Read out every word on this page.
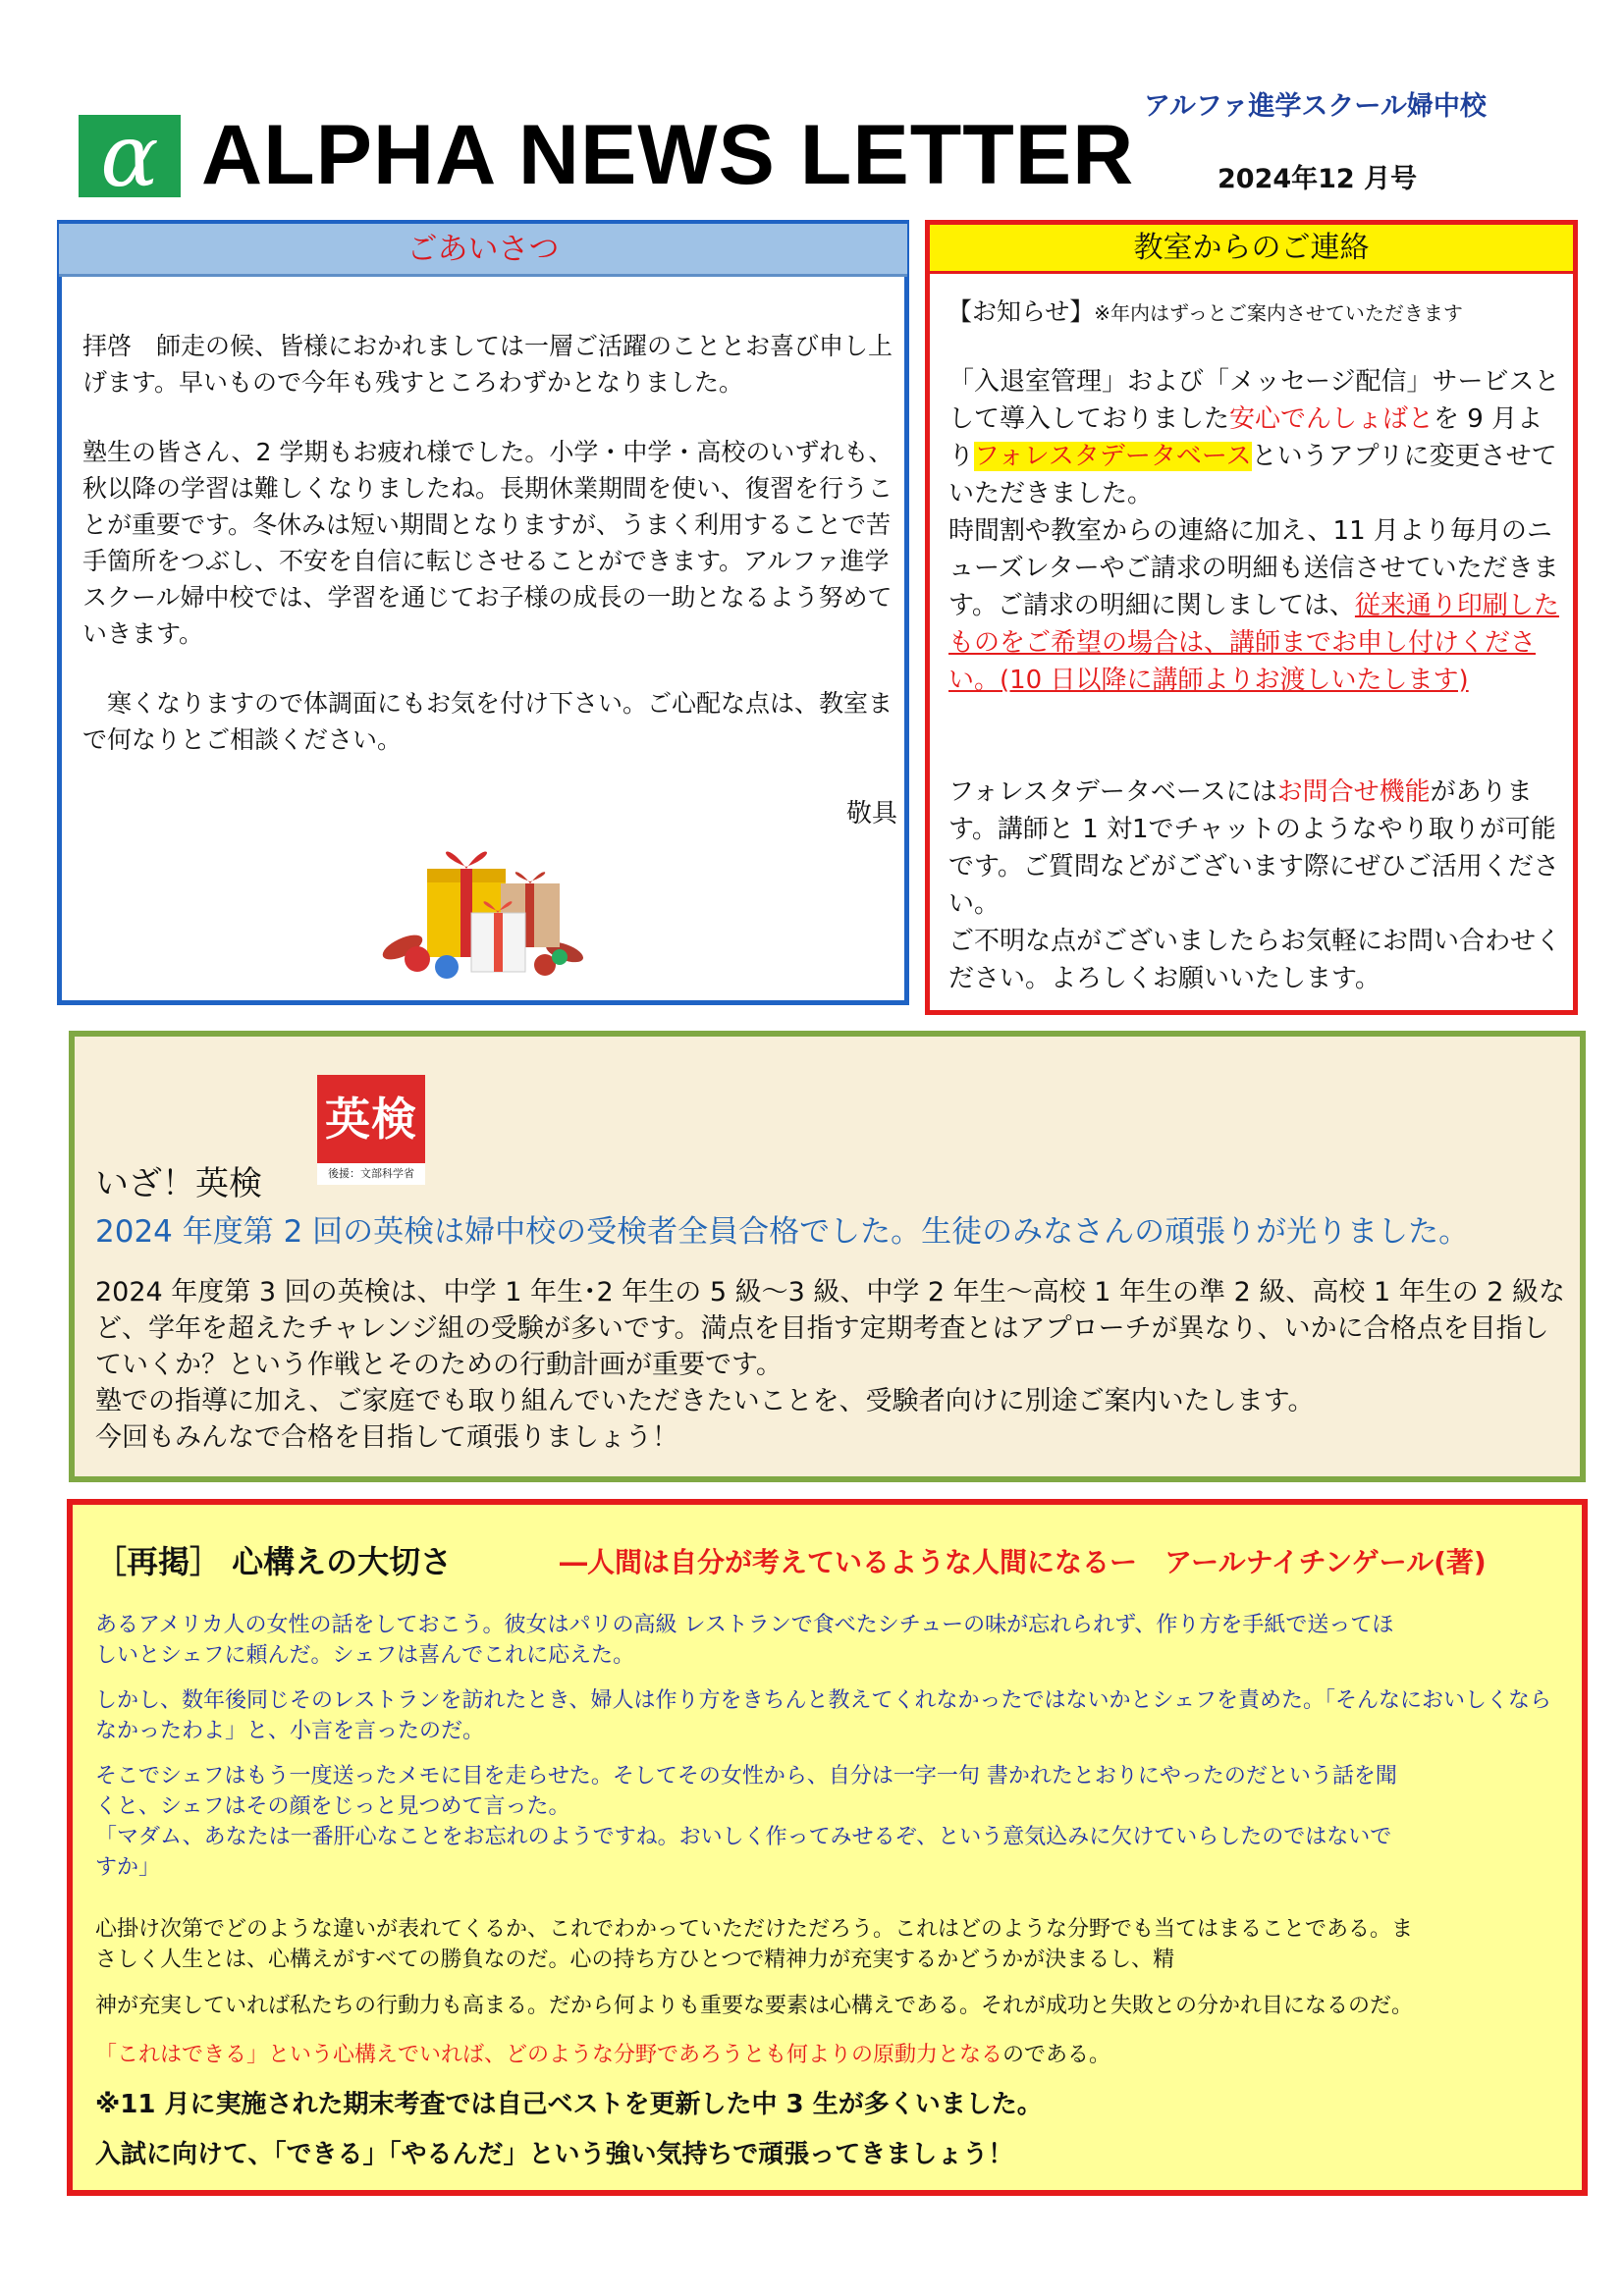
α ALPHA NEWS LETTER
アルファ進学スクール婦中校
2024年12 月号
ごあいさつ
拝啓　師走の候、皆様におかれましては一層ご活躍のこととお喜び申し上げます。早いもので今年も残すところわずかとなりました。
塾生の皆さん、2 学期もお疲れ様でした。小学・中学・高校のいずれも、秋以降の学習は難しくなりましたね。長期休業期間を使い、復習を行うことが重要です。冬休みは短い期間となりますが、うまく利用することで苦手箇所をつぶし、不安を自信に転じさせることができます。アルファ進学スクール婦中校では、学習を通じてお子様の成長の一助となるよう努めていきます。
　寒くなりますので体調面にもお気を付け下さい。ご心配な点は、教室まで何なりとご相談ください。
敬具
教室からのご連絡
【お知らせ】※年内はずっとご案内させていただきます
「入退室管理」および「メッセージ配信」サービスとして導入しておりました安心でんしょばとを 9 月よりフォレスタデータベースというアプリに変更させていただきました。
時間割や教室からの連絡に加え、11 月より毎月のニューズレターやご請求の明細も送信させていただきます。ご請求の明細に関しましては、従来通り印刷したものをご希望の場合は、講師までお申し付けください。(10 日以降に講師よりお渡しいたします)
フォレスタデータベースにはお問合せ機能があります。講師と 1 対1でチャットのようなやり取りが可能です。ご質問などがございます際にぜひご活用ください。
ご不明な点がございましたらお気軽にお問い合わせください。よろしくお願いいたします。
英検
後援：文部科学省
いざ！英検
2024 年度第 2 回の英検は婦中校の受検者全員合格でした。生徒のみなさんの頑張りが光りました。
2024 年度第 3 回の英検は、中学 1 年生･2 年生の 5 級～3 級、中学 2 年生～高校 1 年生の準 2 級、高校 1 年生の 2 級など、学年を超えたチャレンジ組の受験が多いです。満点を目指す定期考査とはアプローチが異なり、いかに合格点を目指していくか？という作戦とそのための行動計画が重要です。
塾での指導に加え、ご家庭でも取り組んでいただきたいことを、受験者向けに別途ご案内いたします。
今回もみんなで合格を目指して頑張りましょう！
［再掲］ 心構えの大切さ	―人間は自分が考えているような人間になるー　アールナイチンゲール(著)
あるアメリカ人の女性の話をしておこう。彼女はパリの高級 レストランで食べたシチューの味が忘れられず、作り方を手紙で送ってほしいとシェフに頼んだ。シェフは喜んでこれに応えた。
しかし、数年後同じそのレストランを訪れたとき、婦人は作り方をきちんと教えてくれなかったではないかとシェフを責めた。「そんなにおいしくならなかったわよ」と、小言を言ったのだ。
そこでシェフはもう一度送ったメモに目を走らせた。そしてその女性から、自分は一字一句 書かれたとおりにやったのだという話を聞くと、シェフはその顔をじっと見つめて言った。
「マダム、あなたは一番肝心なことをお忘れのようですね。おいしく作ってみせるぞ、という意気込みに欠けていらしたのではないですか」
心掛け次第でどのような違いが表れてくるか、これでわかっていただけただろう。これはどのような分野でも当てはまることである。まさしく人生とは、心構えがすべての勝負なのだ。心の持ち方ひとつで精神力が充実するかどうかが決まるし、精
神が充実していれば私たちの行動力も高まる。だから何よりも重要な要素は心構えである。それが成功と失敗との分かれ目になるのだ。
「これはできる」という心構えでいれば、どのような分野であろうとも何よりの原動力となるのである。
※11 月に実施された期末考査では自己ベストを更新した中 3 生が多くいました。
入試に向けて、「できる」「やるんだ」という強い気持ちで頑張ってきましょう！
